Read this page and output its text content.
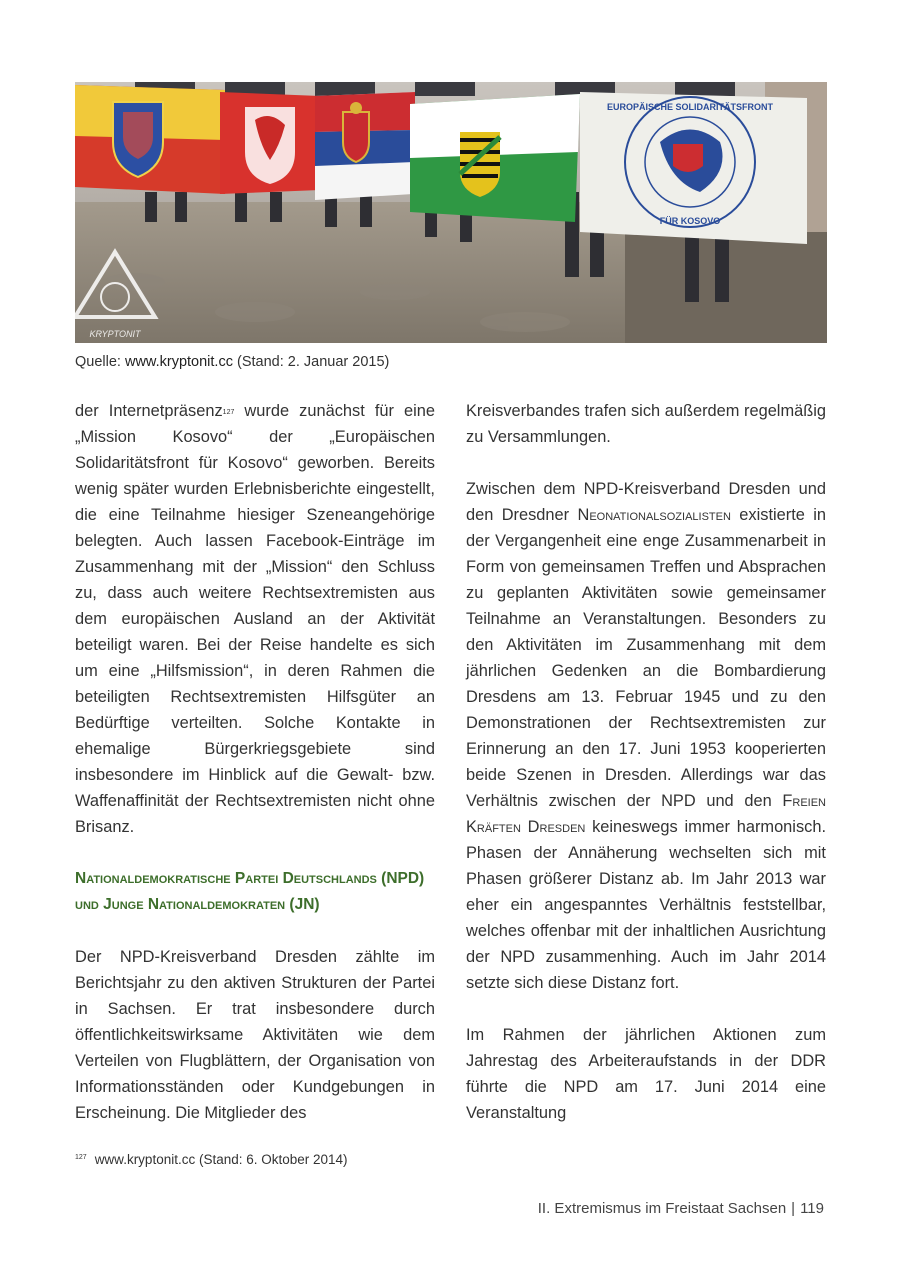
EUROPÄISCHE SOLIDARITÄTSFRONT
FÜR KOSOVO
KRYPTONIT
Quelle: www.kryptonit.cc (Stand: 2. Januar 2015)

der Internetpräsenz$^{127}$ wurde zunächst für eine „Mission Kosovo“ der „Europäischen Solidaritätsfront für Kosovo“ geworben. Bereits wenig später wurden Erlebnisberichte eingestellt, die eine Teilnahme hiesiger Szeneangehörige belegten. Auch lassen Facebook-Einträge im Zusammenhang mit der „Mission“ den Schluss zu, dass auch weitere Rechtsextremisten aus dem europäischen Ausland an der Aktivität beteiligt waren. Bei der Reise handelte es sich um eine „Hilfsmission“, in deren Rahmen die beteiligten Rechtsextremisten Hilfsgüter an Bedürftige verteilten. Solche Kontakte in ehemalige Bürgerkriegsgebiete sind insbesondere im Hinblick auf die Gewalt- bzw. Waffenaffinität der Rechtsextremisten nicht ohne Brisanz.

Nationaldemokratische Partei Deutschlands (NPD)
und Junge Nationaldemokraten (JN)

Der NPD-Kreisverband Dresden zählte im Berichtsjahr zu den aktiven Strukturen der Partei in Sachsen. Er trat insbesondere durch öffentlichkeitswirksame Aktivitäten wie dem Verteilen von Flugblättern, der Organisation von Informationsständen oder Kundgebungen in Erscheinung. Die Mitglieder des

Kreisverbandes trafen sich außerdem regelmäßig zu Versammlungen.

Zwischen dem NPD-Kreisverband Dresden und den Dresdner Neonationalsozialisten existierte in der Vergangenheit eine enge Zusammenarbeit in Form von gemeinsamen Treffen und Absprachen zu geplanten Aktivitäten sowie gemeinsamer Teilnahme an Veranstaltungen. Besonders zu den Aktivitäten im Zusammenhang mit dem jährlichen Gedenken an die Bombardierung Dresdens am 13. Februar 1945 und zu den Demonstrationen der Rechtsextremisten zur Erinnerung an den 17. Juni 1953 kooperierten beide Szenen in Dresden. Allerdings war das Verhältnis zwischen der NPD und den Freien Kräften Dresden keineswegs immer harmonisch. Phasen der Annäherung wechselten sich mit Phasen größerer Distanz ab. Im Jahr 2013 war eher ein angespanntes Verhältnis feststellbar, welches offenbar mit der inhaltlichen Ausrichtung der NPD zusammenhing. Auch im Jahr 2014 setzte sich diese Distanz fort.

Im Rahmen der jährlichen Aktionen zum Jahrestag des Arbeiteraufstands in der DDR führte die NPD am 17. Juni 2014 eine Veranstaltung

$^{127}$ www.kryptonit.cc (Stand: 6. Oktober 2014)
II. Extremismus im Freistaat Sachsen | 119
